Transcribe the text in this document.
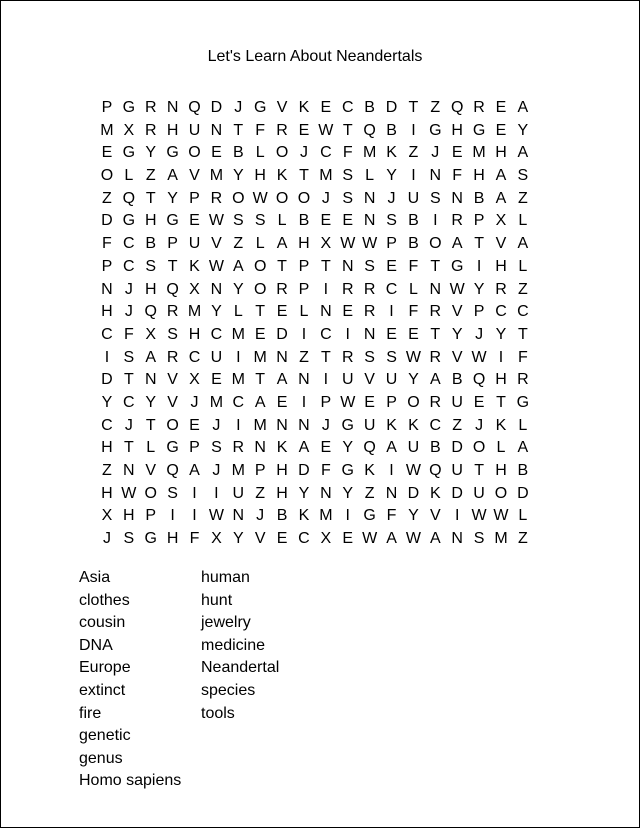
Let's Learn About Neandertals
P G R N Q D J G V K E C B D T Z Q R E A
M X R H U N T F R E W T Q B I G H G E Y
E G Y G O E B L O J C F M K Z J E M H A
O L Z A V M Y H K T M S L Y I N F H A S
Z Q T Y P R O W O O J S N J U S N B A Z
D G H G E W S S L B E E N S B I R P X L
F C B P U V Z L A H X W W P B O A T V A
P C S T K W A O T P T N S E F T G I H L
N J H Q X N Y O R P I R R C L N W Y R Z
H J Q R M Y L T E L N E R I F R V P C C
C F X S H C M E D I C I N E E T Y J Y T
I S A R C U I M N Z T R S S W R V W I F
D T N V X E M T A N I U V U Y A B Q H R
Y C Y V J M C A E I P W E P O R U E T G
C J T O E J I M N N J G U K K C Z J K L
H T L G P S R N K A E Y Q A U B D O L A
Z N V Q A J M P H D F G K I W Q U T H B
H W O S I	I U Z H Y N Y Z N D K D U O D
X H P I	I W N J B K M I G F Y V I W W L
J S G H F X Y V E C X E W A W A N S M Z
Asia
clothes
cousin
DNA
Europe
extinct
fire
genetic
genus
Homo sapiens
human
hunt
jewelry
medicine
Neandertal
species
tools
